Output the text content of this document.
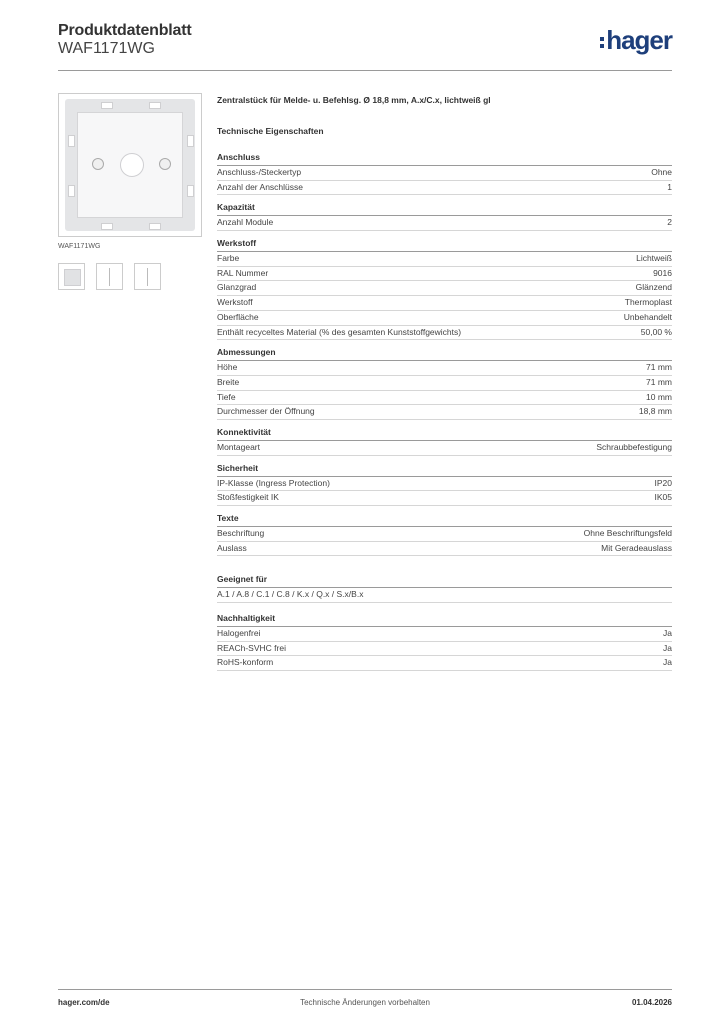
Produktdatenblatt
WAF1171WG	hager
WAF1171WG
Zentralstück für Melde- u. Befehlsg. Ø 18,8 mm, A.x/C.x, lichtweiß gl
Technische Eigenschaften
Anschluss
Anschluss-/Steckertyp	Ohne
Anzahl der Anschlüsse	1
Kapazität
Anzahl Module	2
Werkstoff
Farbe	Lichtweiß
RAL Nummer	9016
Glanzgrad	Glänzend
Werkstoff	Thermoplast
Oberfläche	Unbehandelt
Enthält recyceltes Material (% des gesamten Kunststoffgewichts)	50,00 %
Abmessungen
Höhe	71 mm
Breite	71 mm
Tiefe	10 mm
Durchmesser der Öffnung	18,8 mm
Konnektivität
Montageart	Schraubbefestigung
Sicherheit
IP-Klasse (Ingress Protection)	IP20
Stoßfestigkeit IK	IK05
Texte
Beschriftung	Ohne Beschriftungsfeld
Auslass	Mit Geradeauslass
Geeignet für
A.1 / A.8 / C.1 / C.8 / K.x / Q.x / S.x/B.x
Nachhaltigkeit
Halogenfrei	Ja
REACh-SVHC frei	Ja
RoHS-konform	Ja
Technische Änderungen vorbehalten
hager.com/de	01.04.2026
